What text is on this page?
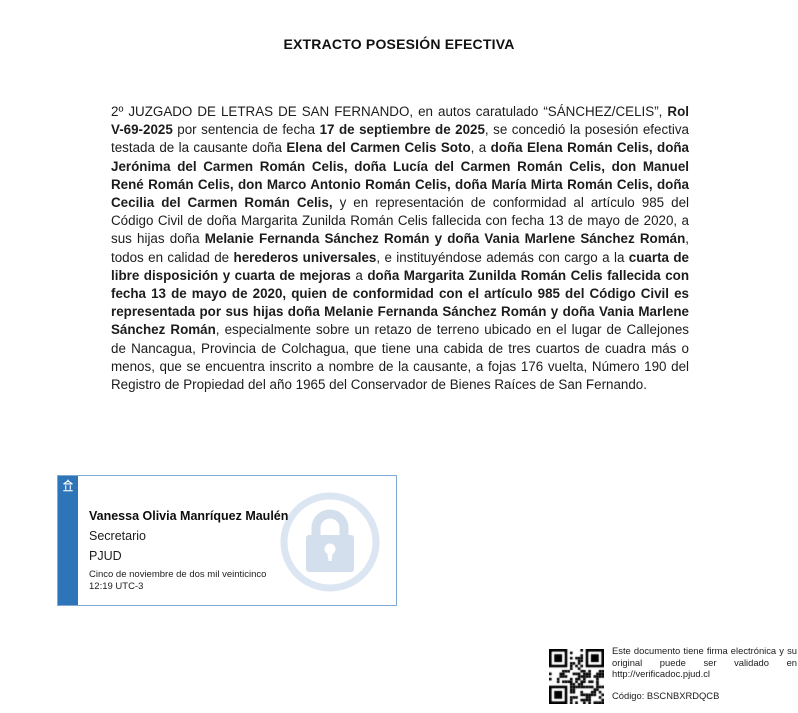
EXTRACTO POSESIÓN EFECTIVA
2º JUZGADO DE LETRAS DE SAN FERNANDO, en autos caratulado “SÁNCHEZ/CELIS”, Rol V-69-2025 por sentencia de fecha 17 de septiembre de 2025, se concedió la posesión efectiva testada de la causante doña Elena del Carmen Celis Soto, a doña Elena Román Celis, doña Jerónima del Carmen Román Celis, doña Lucía del Carmen Román Celis, don Manuel René Román Celis, don Marco Antonio Román Celis, doña María Mirta Román Celis, doña Cecilia del Carmen Román Celis, y en representación de conformidad al artículo 985 del Código Civil de doña Margarita Zunilda Román Celis fallecida con fecha 13 de mayo de 2020, a sus hijas doña Melanie Fernanda Sánchez Román y doña Vania Marlene Sánchez Román, todos en calidad de herederos universales, e instituyéndose además con cargo a la cuarta de libre disposición y cuarta de mejoras a doña Margarita Zunilda Román Celis fallecida con fecha 13 de mayo de 2020, quien de conformidad con el artículo 985 del Código Civil es representada por sus hijas doña Melanie Fernanda Sánchez Román y doña Vania Marlene Sánchez Román, especialmente sobre un retazo de terreno ubicado en el lugar de Callejones de Nancagua, Provincia de Colchagua, que tiene una cabida de tres cuartos de cuadra más o menos, que se encuentra inscrito a nombre de la causante, a fojas 176 vuelta, Número 190 del Registro de Propiedad del año 1965 del Conservador de Bienes Raíces de San Fernando.
Vanessa Olivia Manríquez Maulén
Secretario
PJUD
Cinco de noviembre de dos mil veinticinco
12:19 UTC-3
Este documento tiene firma electrónica y su original puede ser validado en http://verificadoc.pjud.cl
Código: BSCNBXRDQCB
